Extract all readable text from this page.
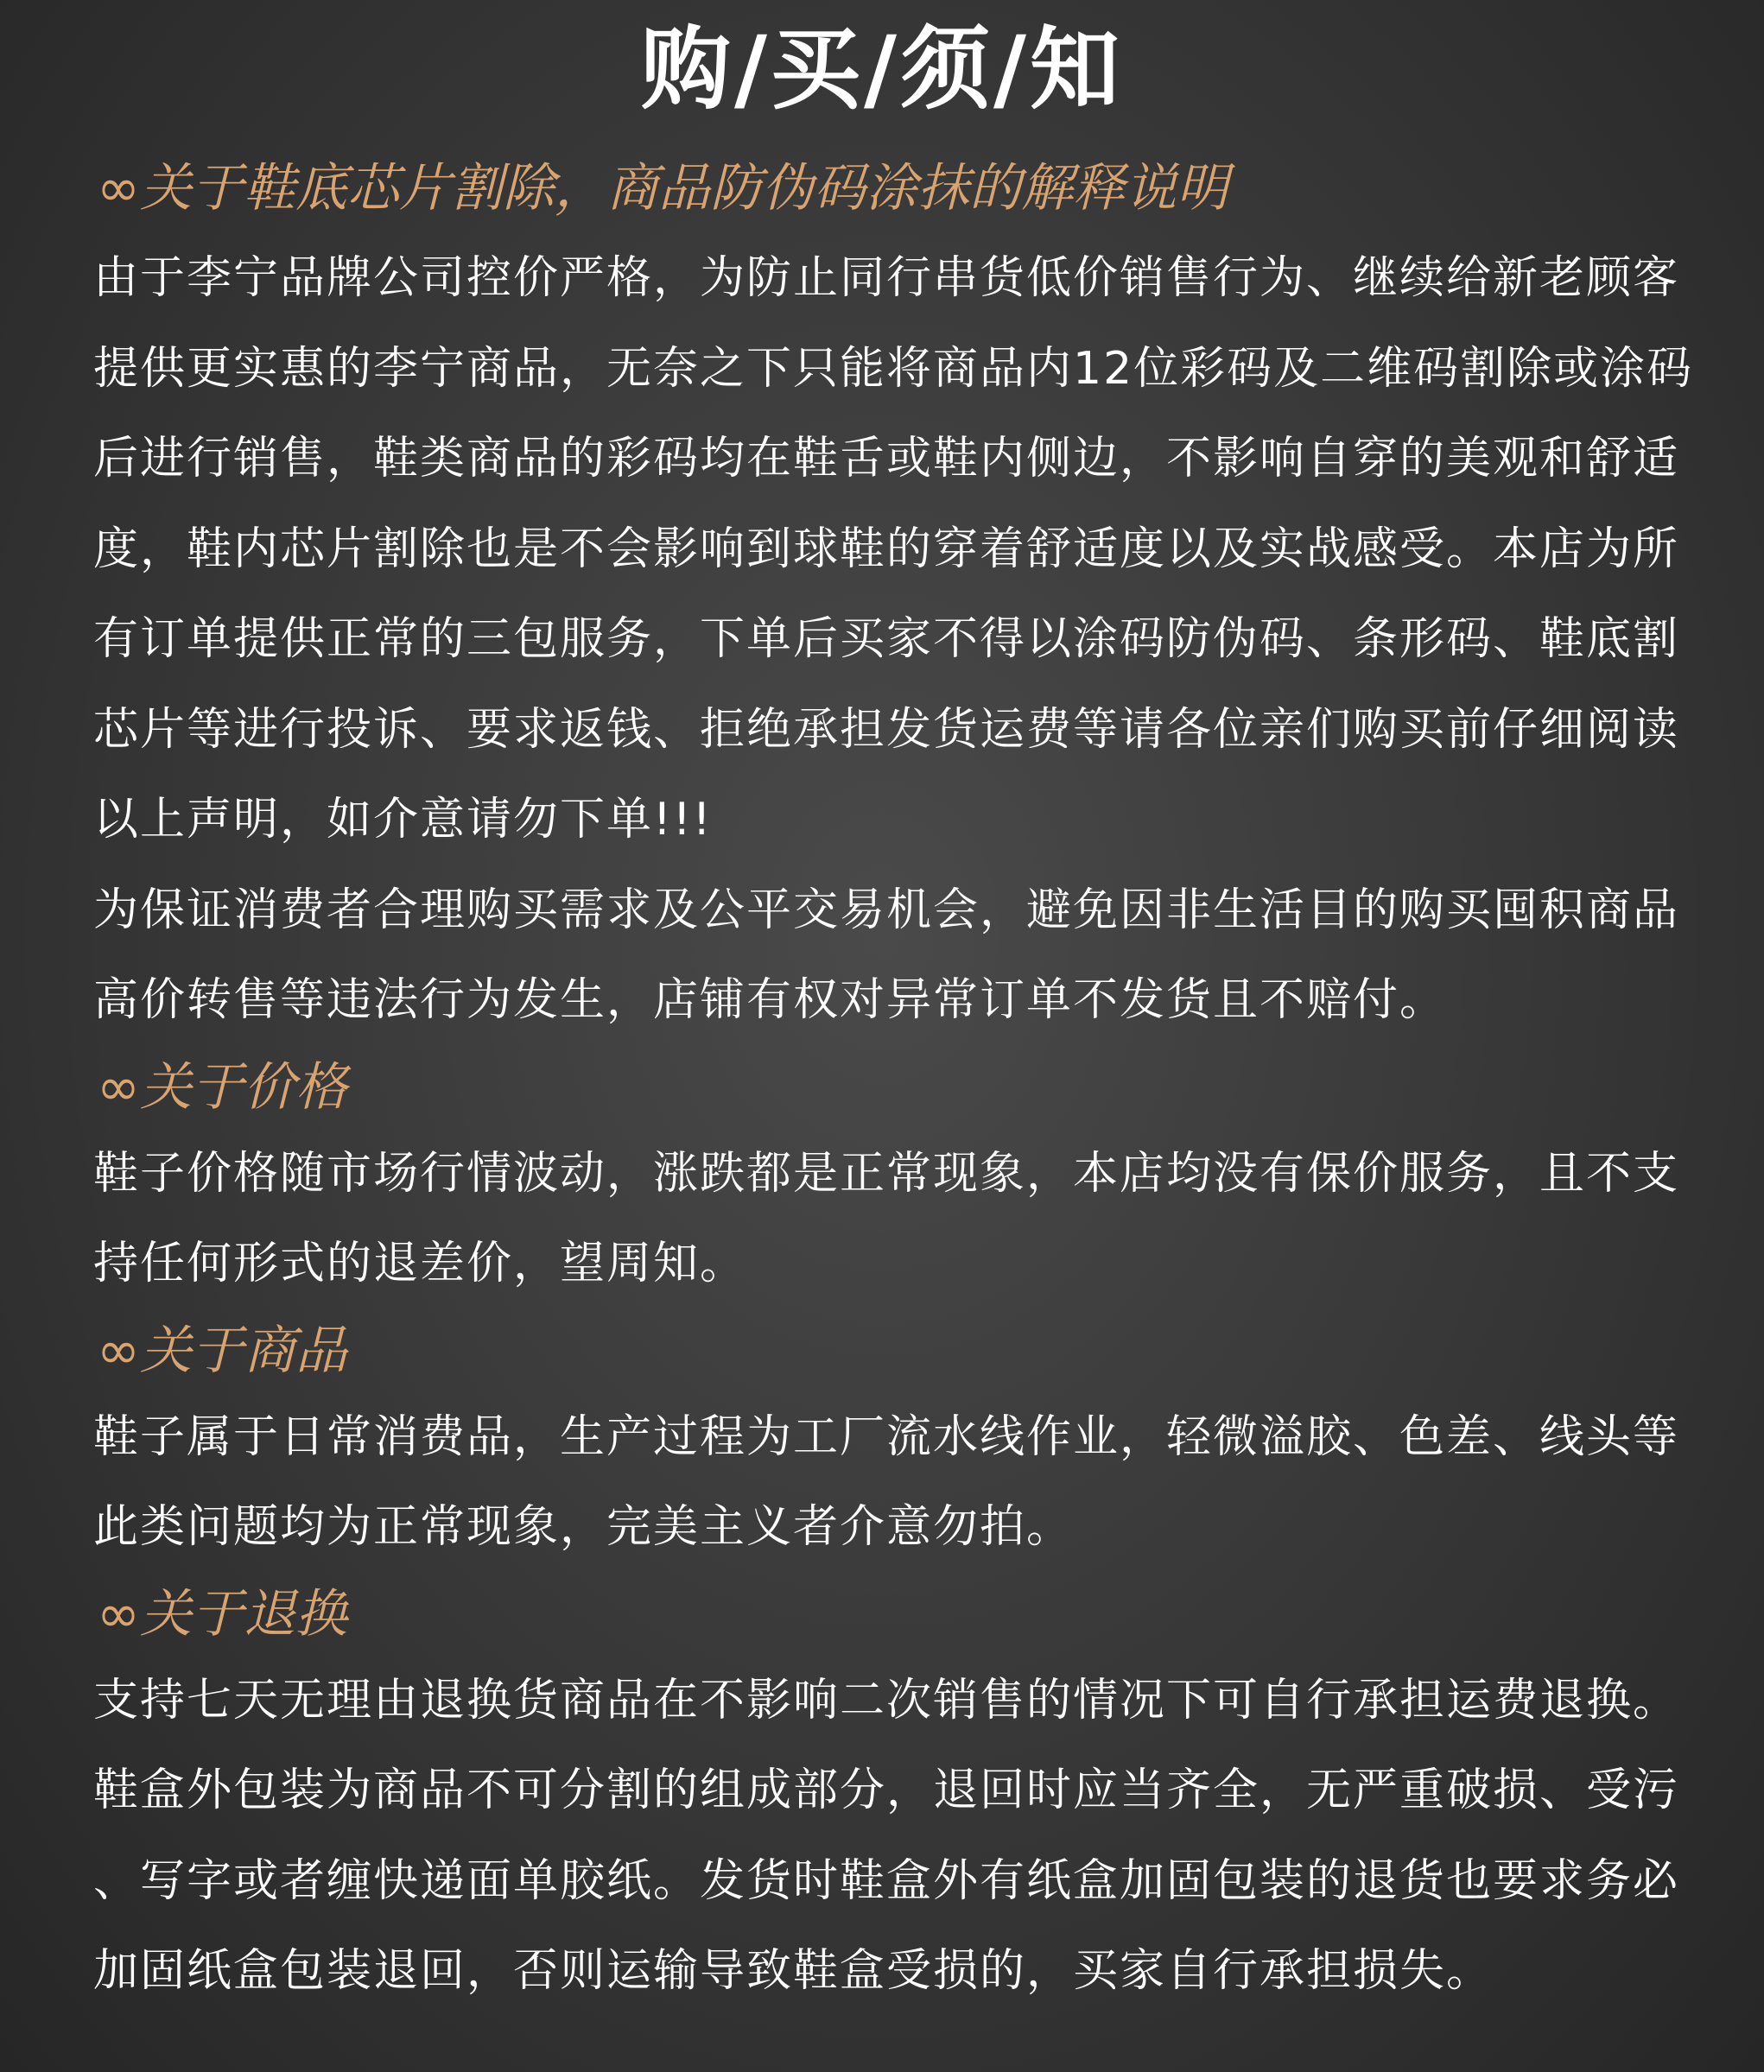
购/买/须/知
∞关于鞋底芯片割除，商品防伪码涂抹的解释说明
由于李宁品牌公司控价严格，为防止同行串货低价销售行为、继续给新老顾客
提供更实惠的李宁商品，无奈之下只能将商品内12位彩码及二维码割除或涂码
后进行销售，鞋类商品的彩码均在鞋舌或鞋内侧边，不影响自穿的美观和舒适
度，鞋内芯片割除也是不会影响到球鞋的穿着舒适度以及实战感受。本店为所
有订单提供正常的三包服务，下单后买家不得以涂码防伪码、条形码、鞋底割
芯片等进行投诉、要求返钱、拒绝承担发货运费等请各位亲们购买前仔细阅读
以上声明，如介意请勿下单!!!
为保证消费者合理购买需求及公平交易机会，避免因非生活目的购买囤积商品
高价转售等违法行为发生，店铺有权对异常订单不发货且不赔付。
∞关于价格
鞋子价格随市场行情波动，涨跌都是正常现象，本店均没有保价服务，且不支
持任何形式的退差价，望周知。
∞关于商品
鞋子属于日常消费品，生产过程为工厂流水线作业，轻微溢胶、色差、线头等
此类问题均为正常现象，完美主义者介意勿拍。
∞关于退换
支持七天无理由退换货商品在不影响二次销售的情况下可自行承担运费退换。
鞋盒外包装为商品不可分割的组成部分，退回时应当齐全，无严重破损、受污
、写字或者缠快递面单胶纸。发货时鞋盒外有纸盒加固包装的退货也要求务必
加固纸盒包装退回，否则运输导致鞋盒受损的，买家自行承担损失。
